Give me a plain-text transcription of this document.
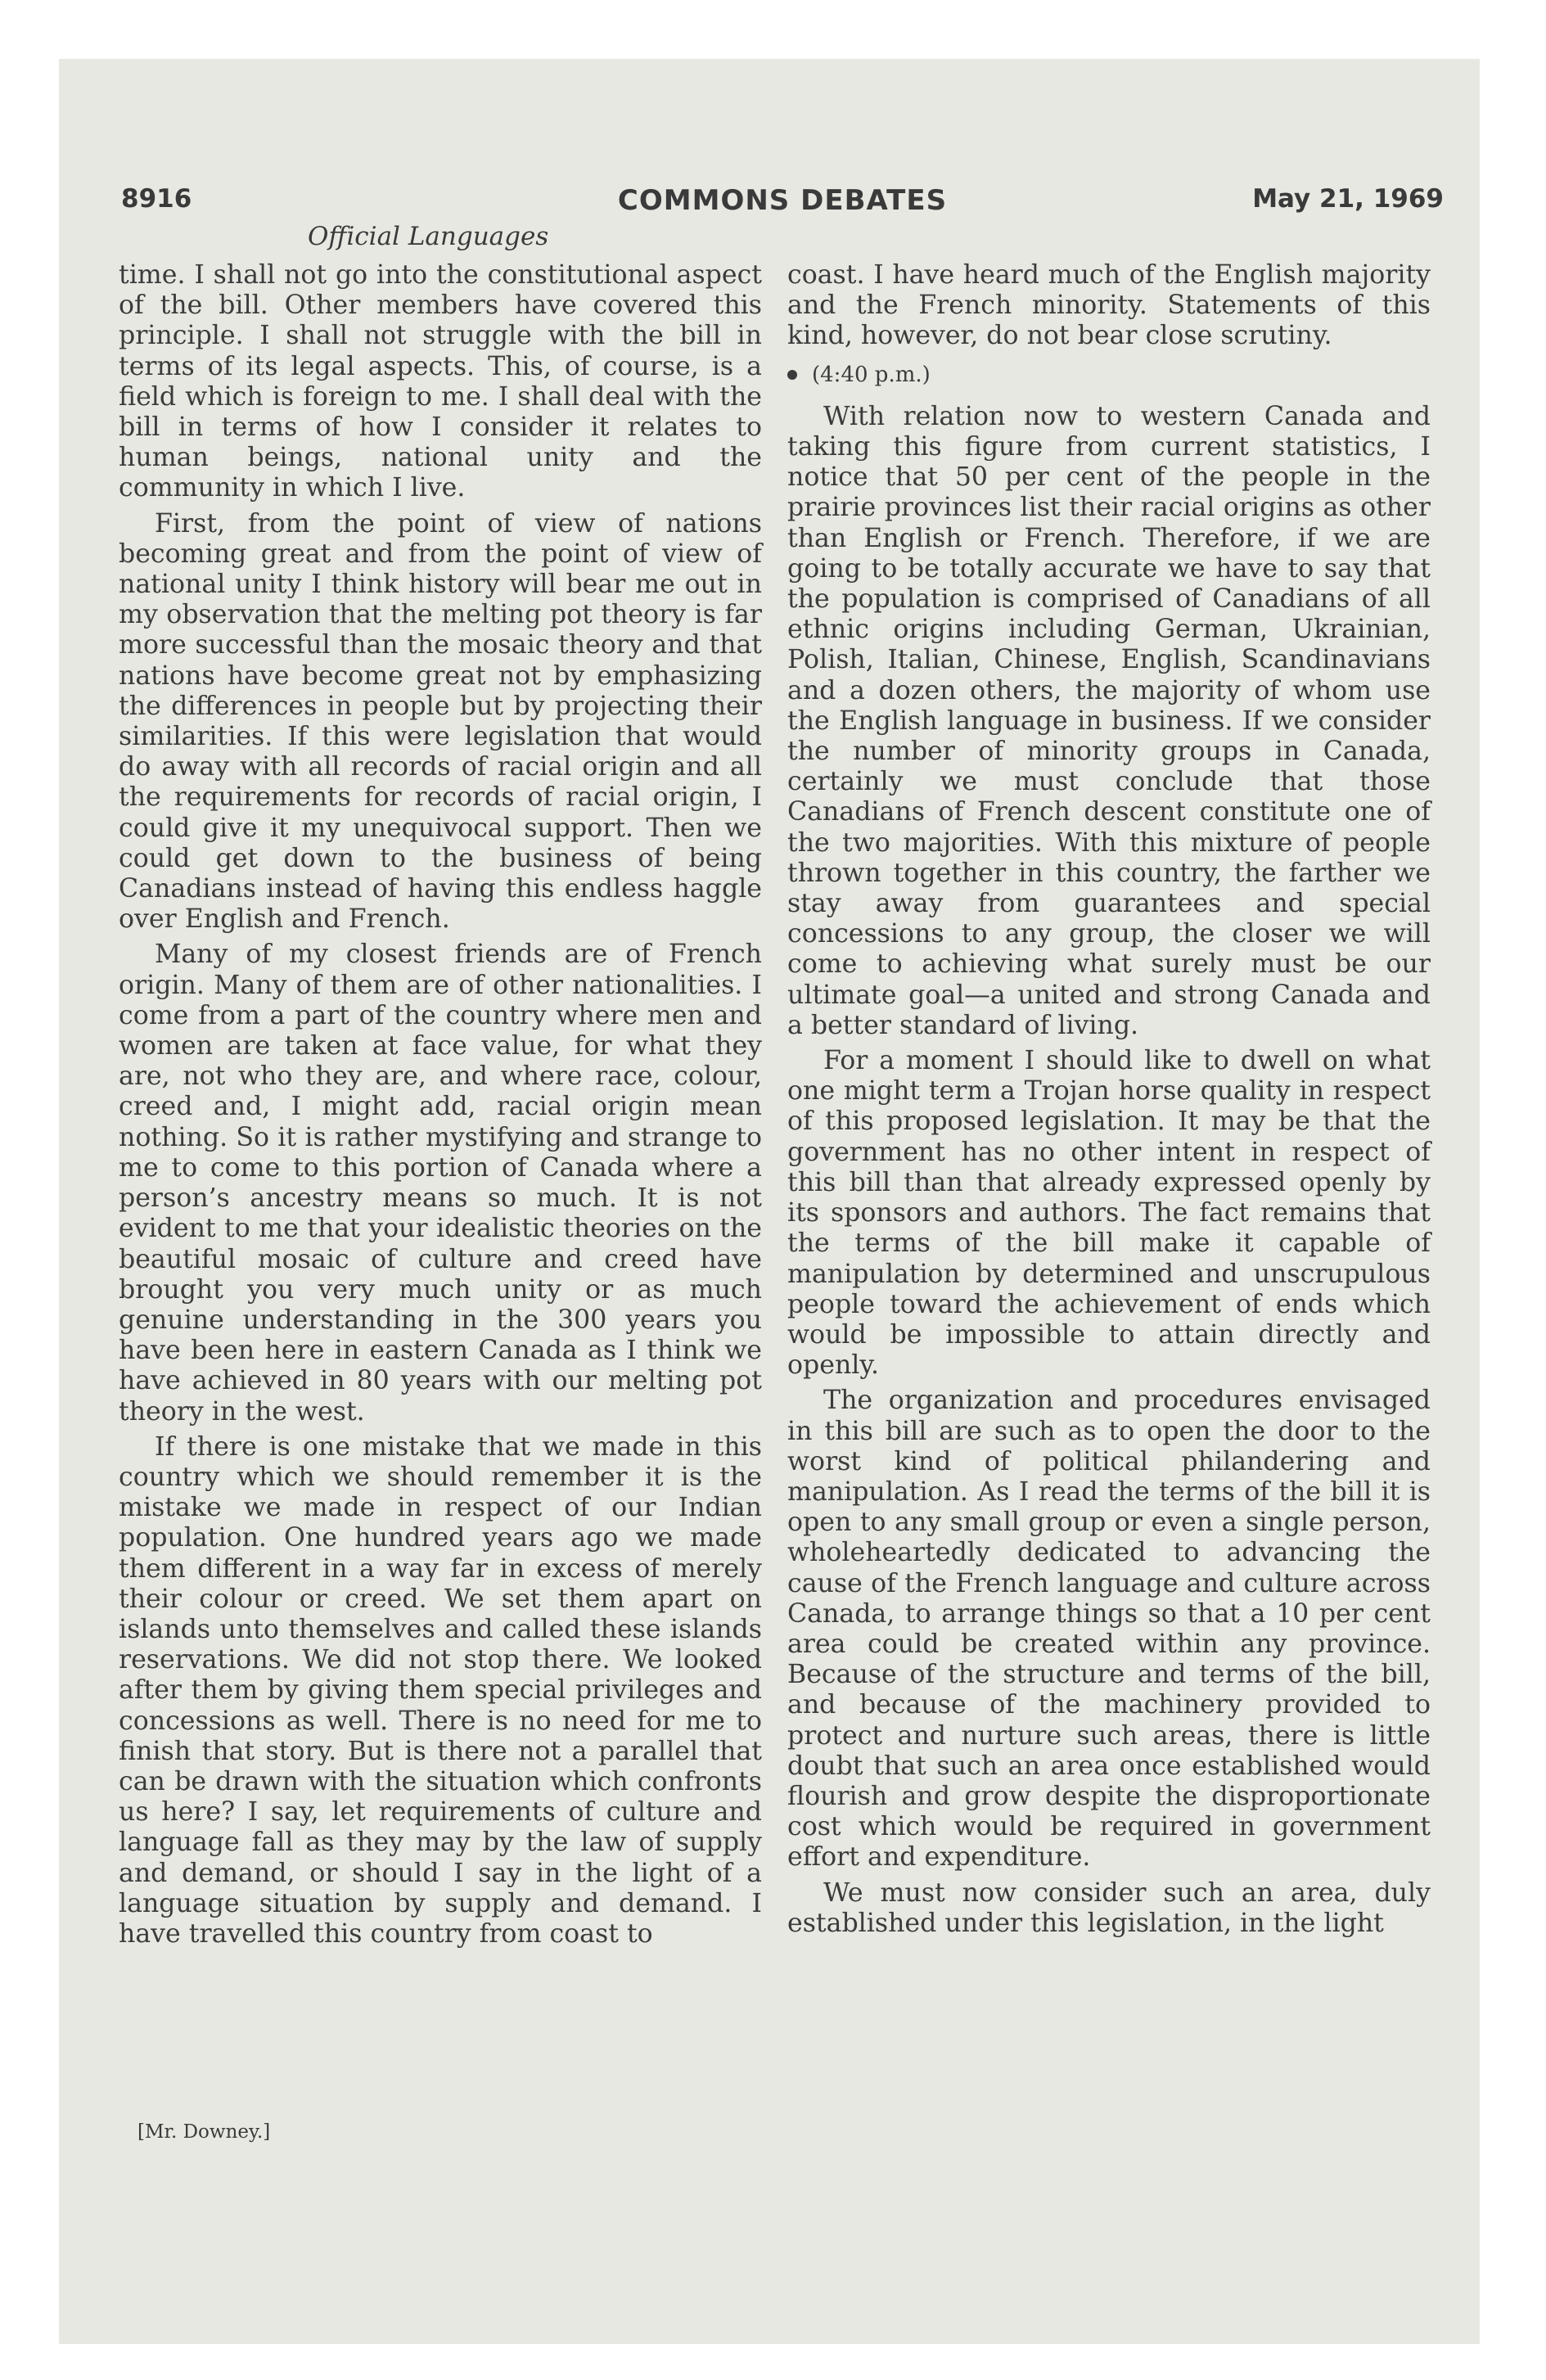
8916	COMMONS DEBATES	May 21, 1969
Official Languages

time. I shall not go into the constitutional aspect of the bill. Other members have covered this principle. I shall not struggle with the bill in terms of its legal aspects. This, of course, is a field which is foreign to me. I shall deal with the bill in terms of how I consider it relates to human beings, national unity and the community in which I live.

First, from the point of view of nations becoming great and from the point of view of national unity I think history will bear me out in my observation that the melting pot theory is far more successful than the mosaic theory and that nations have become great not by emphasizing the differences in people but by projecting their similarities. If this were legislation that would do away with all records of racial origin and all the requirements for records of racial origin, I could give it my unequivocal support. Then we could get down to the business of being Canadians instead of having this endless haggle over English and French.

Many of my closest friends are of French origin. Many of them are of other nationalities. I come from a part of the country where men and women are taken at face value, for what they are, not who they are, and where race, colour, creed and, I might add, racial origin mean nothing. So it is rather mystifying and strange to me to come to this portion of Canada where a person’s ancestry means so much. It is not evident to me that your idealistic theories on the beautiful mosaic of culture and creed have brought you very much unity or as much genuine understanding in the 300 years you have been here in eastern Canada as I think we have achieved in 80 years with our melting pot theory in the west.

If there is one mistake that we made in this country which we should remember it is the mistake we made in respect of our Indian population. One hundred years ago we made them different in a way far in excess of merely their colour or creed. We set them apart on islands unto themselves and called these islands reservations. We did not stop there. We looked after them by giving them special privileges and concessions as well. There is no need for me to finish that story. But is there not a parallel that can be drawn with the situation which confronts us here? I say, let requirements of culture and language fall as they may by the law of supply and demand, or should I say in the light of a language situation by supply and demand. I have travelled this country from coast to

coast. I have heard much of the English majority and the French minority. Statements of this kind, however, do not bear close scrutiny.

(4:40 p.m.)

With relation now to western Canada and taking this figure from current statistics, I notice that 50 per cent of the people in the prairie provinces list their racial origins as other than English or French. Therefore, if we are going to be totally accurate we have to say that the population is comprised of Canadians of all ethnic origins including German, Ukrainian, Polish, Italian, Chinese, English, Scandinavians and a dozen others, the majority of whom use the English language in business. If we consider the number of minority groups in Canada, certainly we must conclude that those Canadians of French descent constitute one of the two majorities. With this mixture of people thrown together in this country, the farther we stay away from guarantees and special concessions to any group, the closer we will come to achieving what surely must be our ultimate goal—a united and strong Canada and a better standard of living.

For a moment I should like to dwell on what one might term a Trojan horse quality in respect of this proposed legislation. It may be that the government has no other intent in respect of this bill than that already expressed openly by its sponsors and authors. The fact remains that the terms of the bill make it capable of manipulation by determined and unscrupulous people toward the achievement of ends which would be impossible to attain directly and openly.

The organization and procedures envisaged in this bill are such as to open the door to the worst kind of political philandering and manipulation. As I read the terms of the bill it is open to any small group or even a single person, wholeheartedly dedicated to advancing the cause of the French language and culture across Canada, to arrange things so that a 10 per cent area could be created within any province. Because of the structure and terms of the bill, and because of the machinery provided to protect and nurture such areas, there is little doubt that such an area once established would flourish and grow despite the disproportionate cost which would be required in government effort and expenditure.

We must now consider such an area, duly established under this legislation, in the light

[Mr. Downey.]
